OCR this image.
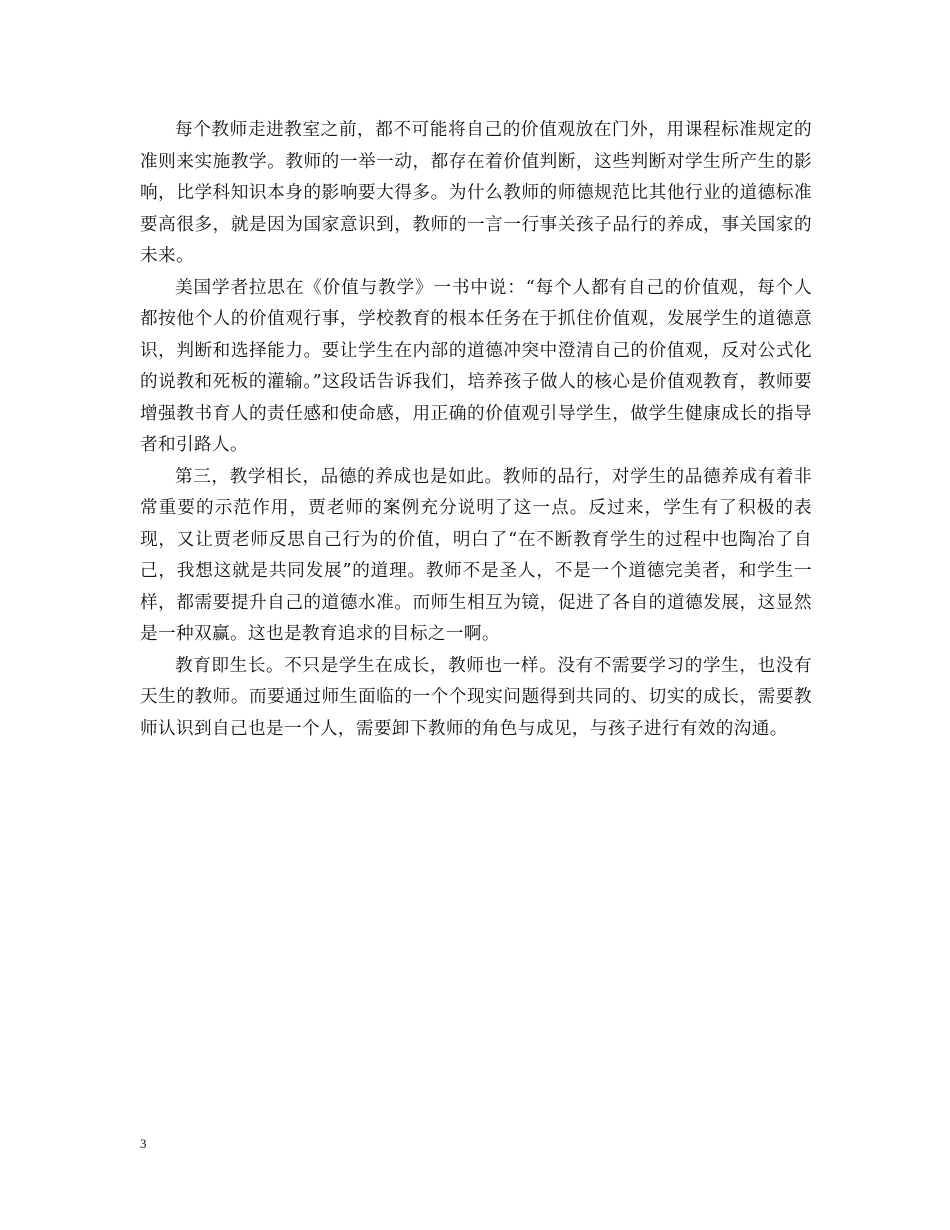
每个教师走进教室之前，都不可能将自己的价值观放在门外，用课程标准规定的准则来实施教学。教师的一举一动，都存在着价值判断，这些判断对学生所产生的影响，比学科知识本身的影响要大得多。为什么教师的师德规范比其他行业的道德标准要高很多，就是因为国家意识到，教师的一言一行事关孩子品行的养成，事关国家的未来。

美国学者拉思在《价值与教学》一书中说：“每个人都有自己的价值观，每个人都按他个人的价值观行事，学校教育的根本任务在于抓住价值观，发展学生的道德意识，判断和选择能力。要让学生在内部的道德冲突中澄清自己的价值观，反对公式化的说教和死板的灌输。”这段话告诉我们，培养孩子做人的核心是价值观教育，教师要增强教书育人的责任感和使命感，用正确的价值观引导学生，做学生健康成长的指导者和引路人。

第三，教学相长，品德的养成也是如此。教师的品行，对学生的品德养成有着非常重要的示范作用，贾老师的案例充分说明了这一点。反过来，学生有了积极的表现，又让贾老师反思自己行为的价值，明白了“在不断教育学生的过程中也陶冶了自己，我想这就是共同发展”的道理。教师不是圣人，不是一个道德完美者，和学生一样，都需要提升自己的道德水准。而师生相互为镜，促进了各自的道德发展，这显然是一种双赢。这也是教育追求的目标之一啊。

教育即生长。不只是学生在成长，教师也一样。没有不需要学习的学生，也没有天生的教师。而要通过师生面临的一个个现实问题得到共同的、切实的成长，需要教师认识到自己也是一个人，需要卸下教师的角色与成见，与孩子进行有效的沟通。

3
